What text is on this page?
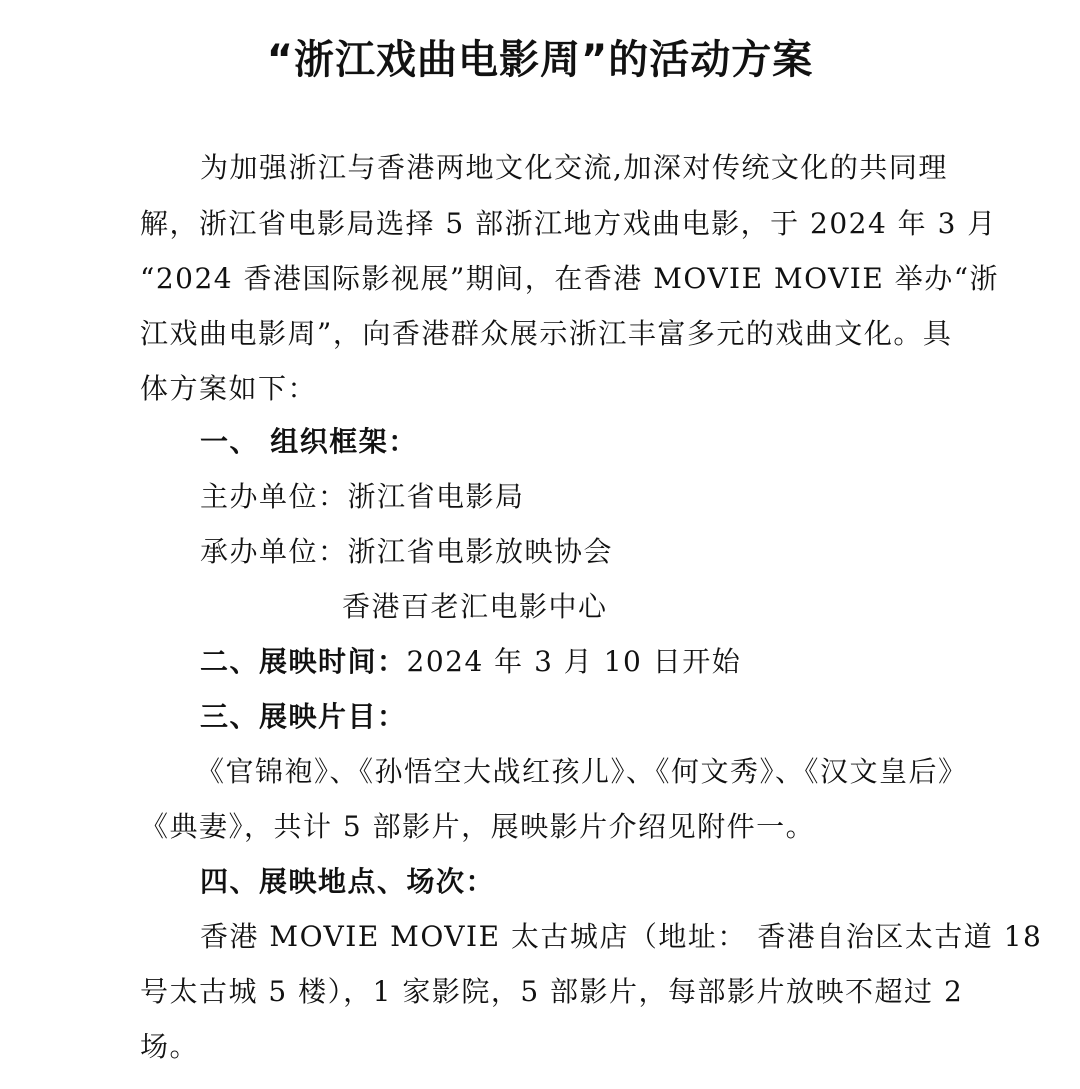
“浙江戏曲电影周”的活动方案
为加强浙江与香港两地文化交流,加深对传统文化的共同理
解，浙江省电影局选择 5 部浙江地方戏曲电影，于 2024 年 3 月
“2024 香港国际影视展”期间，在香港 MOVIE MOVIE 举办“浙
江戏曲电影周”，向香港群众展示浙江丰富多元的戏曲文化。具
体方案如下：
一、 组织框架：
主办单位：浙江省电影局
承办单位：浙江省电影放映协会
香港百老汇电影中心
二、展映时间：2024 年 3 月 10 日开始
三、展映片目：
《官锦袍》、《孙悟空大战红孩儿》、《何文秀》、《汉文皇后》
《典妻》，共计 5 部影片，展映影片介绍见附件一。
四、展映地点、场次：
香港 MOVIE MOVIE 太古城店（地址： 香港自治区太古道 18
号太古城 5 楼），1 家影院，5 部影片，每部影片放映不超过 2
场。
